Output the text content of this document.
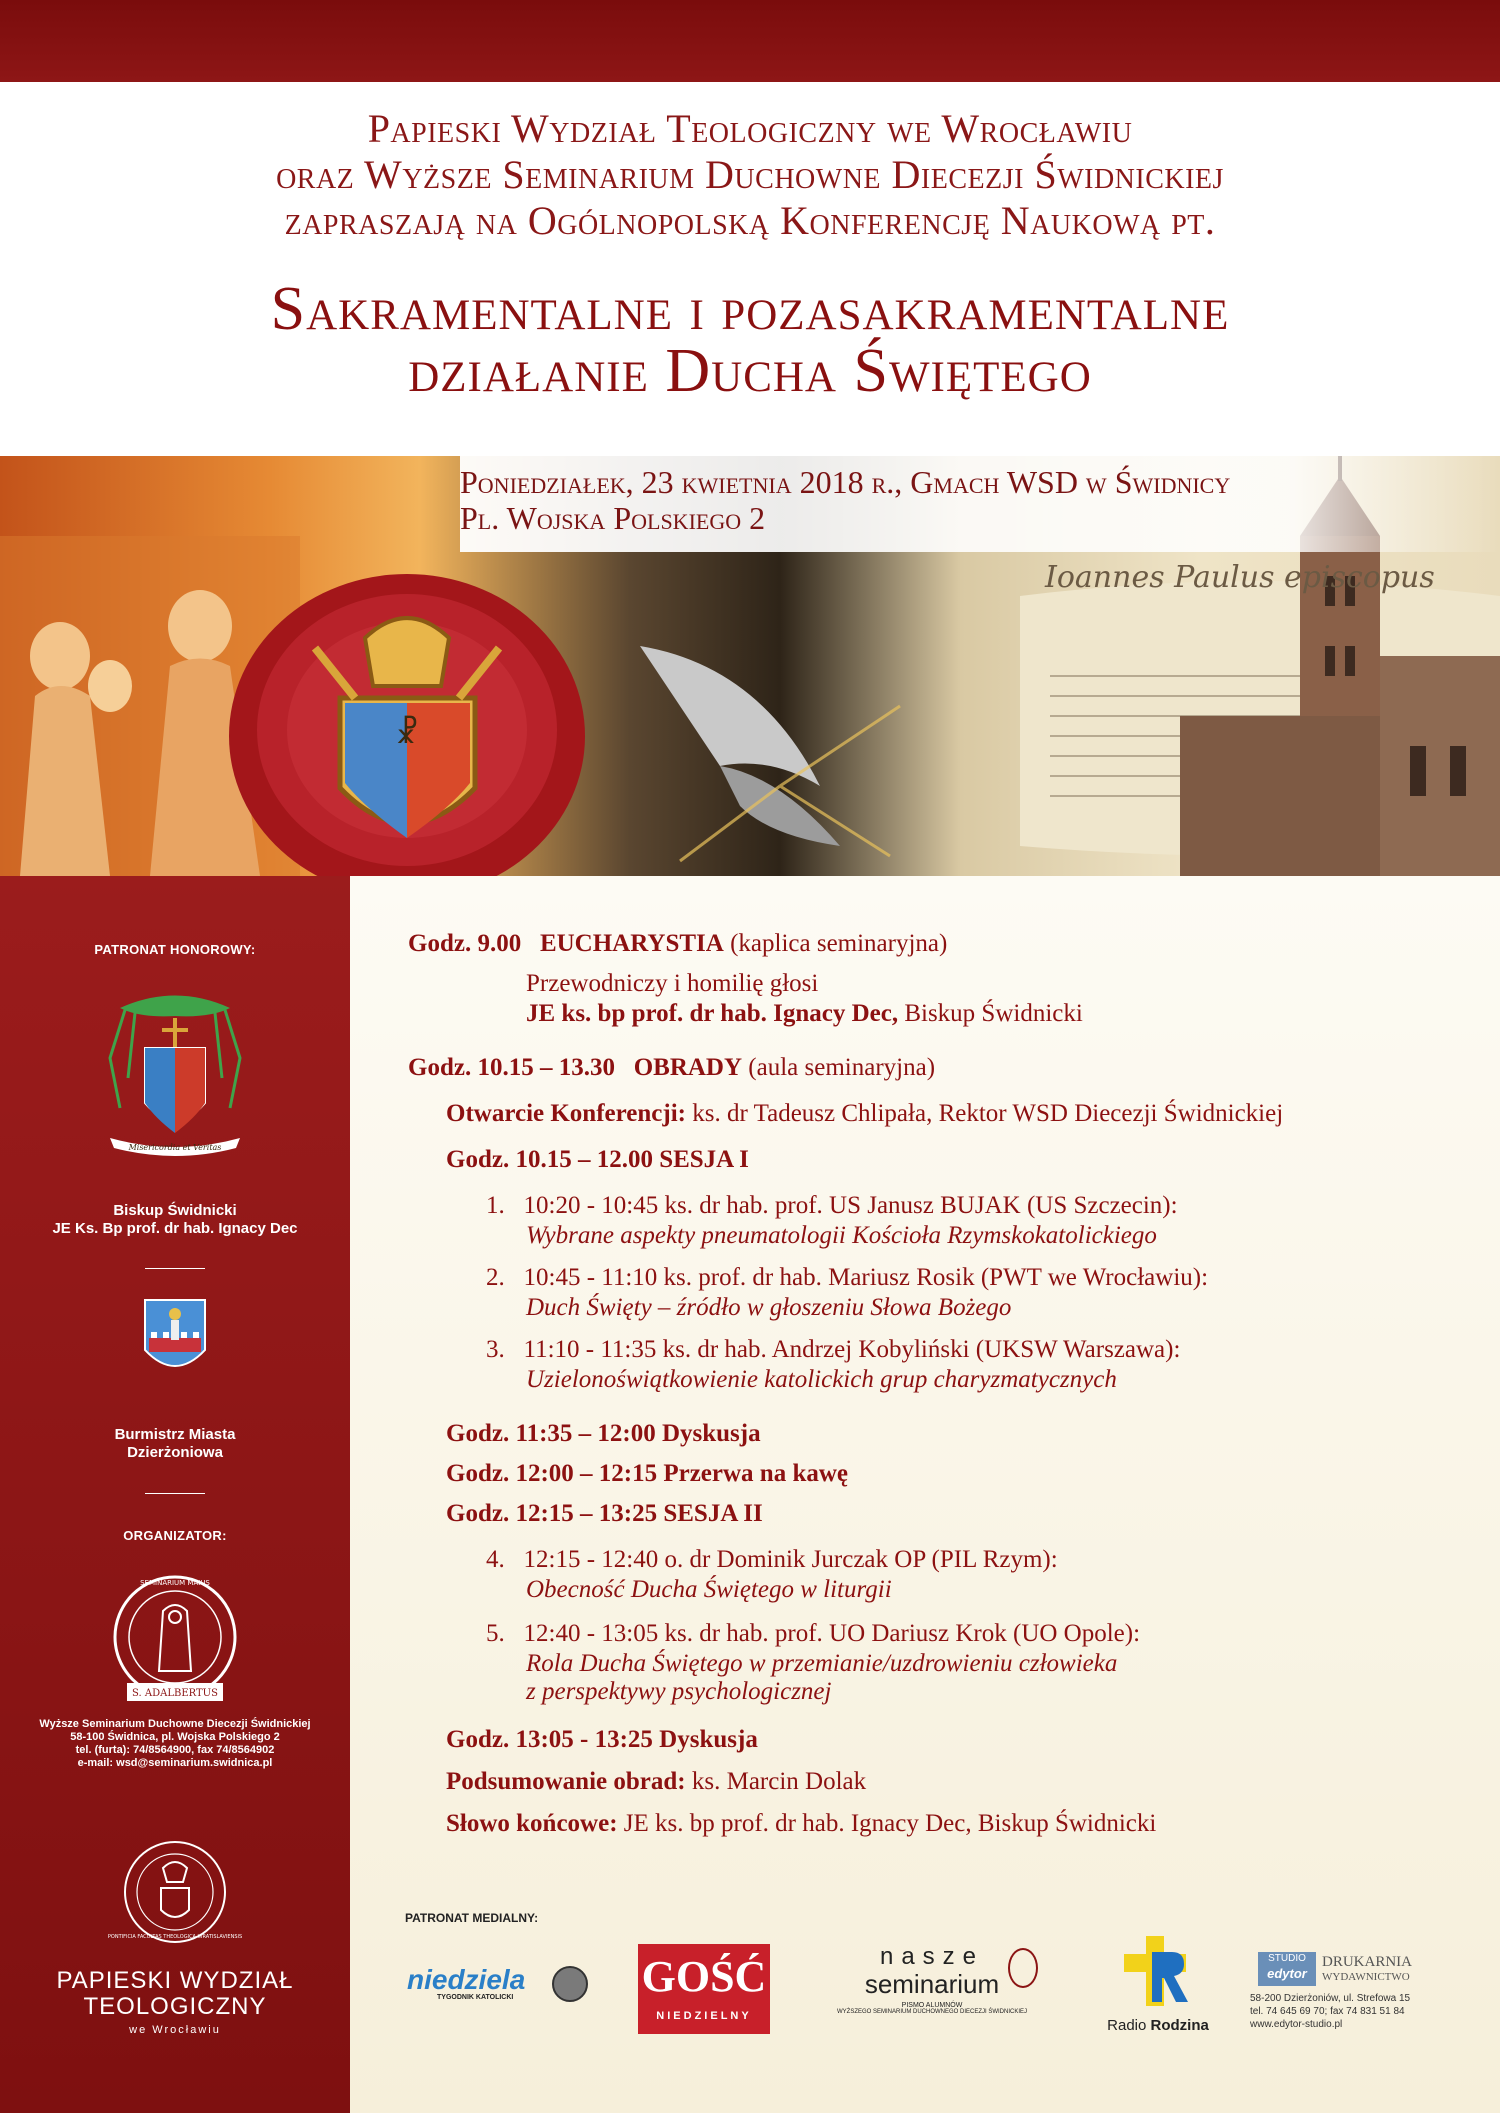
Papieski Wydział Teologiczny we Wrocławiu
oraz Wyższe Seminarium Duchowne Diecezji Świdnickiej
zapraszają na Ogólnopolską Konferencję Naukową pt.
Sakramentalne i pozasakramentalne
działanie Ducha Świętego
Poniedziałek, 23 kwietnia 2018 r., Gmach WSD w Świdnicy
Pl. Wojska Polskiego 2
Ioannes Paulus episcopus
☧
PATRONAT HONOROWY:
Misericordia et Veritas
Biskup Świdnicki
JE Ks. Bp prof. dr hab. Ignacy Dec
Burmistrz Miasta
Dzierżoniowa
ORGANIZATOR:
SEMINARIUM MAIUS
S. ADALBERTUS
Wyższe Seminarium Duchowne Diecezji Świdnickiej
58-100 Świdnica, pl. Wojska Polskiego 2
tel. (furta): 74/8564900, fax 74/8564902
e-mail: wsd@seminarium.swidnica.pl
PONTIFICIA FACULTAS THEOLOGICA WRATISLAVIENSIS
PAPIESKI WYDZIAŁ
TEOLOGICZNY
we Wrocławiu
Godz. 9.00 EUCHARYSTIA (kaplica seminaryjna)
Przewodniczy i homilię głosi
JE ks. bp prof. dr hab. Ignacy Dec, Biskup Świdnicki
Godz. 10.15 – 13.30 OBRADY (aula seminaryjna)
Otwarcie Konferencji: ks. dr Tadeusz Chlipała, Rektor WSD Diecezji Świdnickiej
Godz. 10.15 – 12.00 SESJA I
1. 10:20 - 10:45 ks. dr hab. prof. US Janusz BUJAK (US Szczecin):
Wybrane aspekty pneumatologii Kościoła Rzymskokatolickiego
2. 10:45 - 11:10 ks. prof. dr hab. Mariusz Rosik (PWT we Wrocławiu):
Duch Święty – źródło w głoszeniu Słowa Bożego
3. 11:10 - 11:35 ks. dr hab. Andrzej Kobyliński (UKSW Warszawa):
Uzielonoświątkowienie katolickich grup charyzmatycznych
Godz. 11:35 – 12:00 Dyskusja
Godz. 12:00 – 12:15 Przerwa na kawę
Godz. 12:15 – 13:25 SESJA II
4. 12:15 - 12:40 o. dr Dominik Jurczak OP (PIL Rzym):
Obecność Ducha Świętego w liturgii
5. 12:40 - 13:05 ks. dr hab. prof. UO Dariusz Krok (UO Opole):
Rola Ducha Świętego w przemianie/uzdrowieniu człowieka
z perspektywy psychologicznej
Godz. 13:05 - 13:25 Dyskusja
Podsumowanie obrad: ks. Marcin Dolak
Słowo końcowe: JE ks. bp prof. dr hab. Ignacy Dec, Biskup Świdnicki
PATRONAT MEDIALNY:
niedziela
TYGODNIK KATOLICKI	GOŚĆ
NIEDZIELNY
nasze
seminarium
PISMO ALUMNÓW
WYŻSZEGO SEMINARIUM DUCHOWNEGO DIECEZJI ŚWIDNICKIEJ
Radio Rodzina
STUDIO
edytor
DRUKARNIA
WYDAWNICTWO
58-200 Dzierżoniów, ul. Strefowa 15
tel. 74 645 69 70; fax 74 831 51 84
www.edytor-studio.pl
